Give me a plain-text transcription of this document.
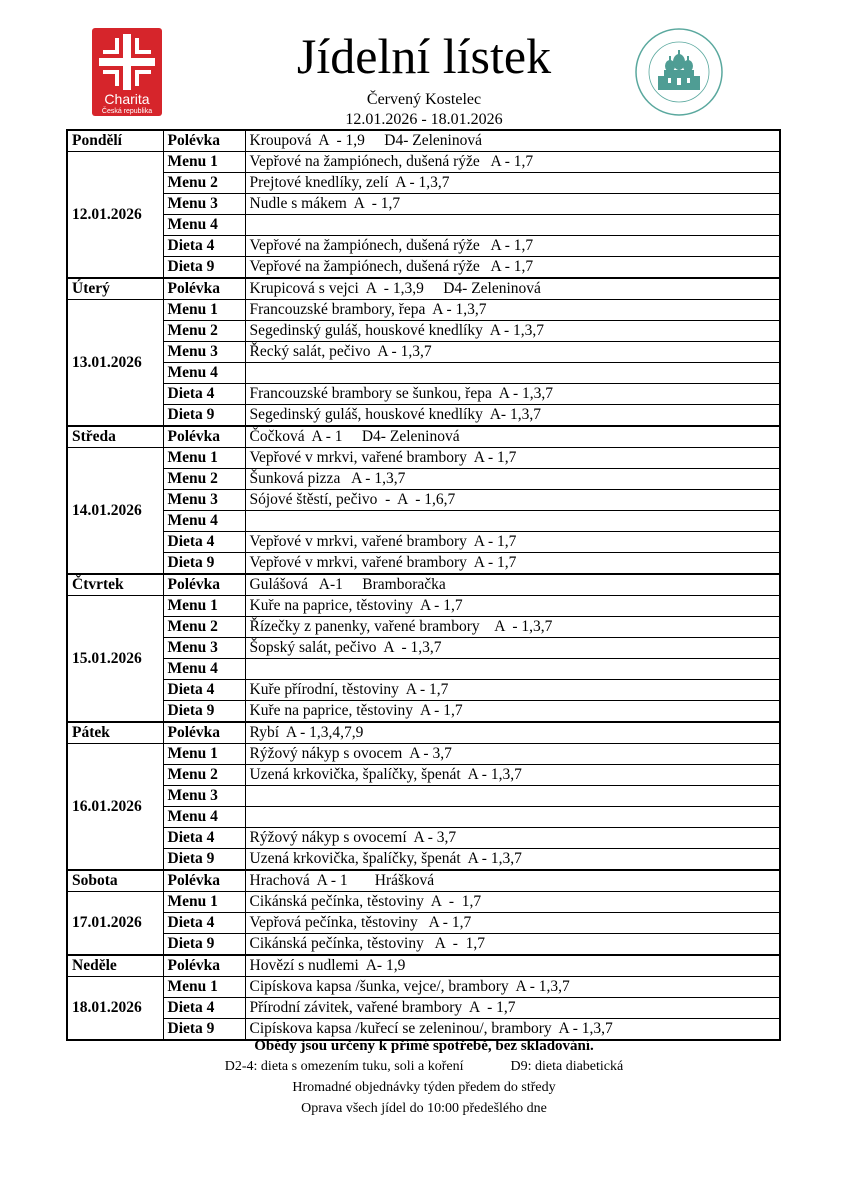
Charita
Česká republika
Jídelní lístek
Červený Kostelec
12.01.2026 - 18.01.2026
Pondělí	Polévka	Kroupová  A  - 1,9     D4- Zeleninová
12.01.2026	Menu 1	Vepřové na žampiónech, dušená rýže   A - 1,7
	Menu 2	Prejtové knedlíky, zelí  A - 1,3,7
	Menu 3	Nudle s mákem  A  - 1,7
	Menu 4	
	Dieta 4	Vepřové na žampiónech, dušená rýže   A - 1,7
	Dieta 9	Vepřové na žampiónech, dušená rýže   A - 1,7
Úterý	Polévka	Krupicová s vejci  A  - 1,3,9     D4- Zeleninová
13.01.2026	Menu 1	Francouzské brambory, řepa  A - 1,3,7
	Menu 2	Segedinský guláš, houskové knedlíky  A - 1,3,7
	Menu 3	Řecký salát, pečivo  A - 1,3,7
	Menu 4	
	Dieta 4	Francouzské brambory se šunkou, řepa  A - 1,3,7
	Dieta 9	Segedinský guláš, houskové knedlíky  A- 1,3,7
Středa	Polévka	Čočková  A - 1     D4- Zeleninová
14.01.2026	Menu 1	Vepřové v mrkvi, vařené brambory  A - 1,7
	Menu 2	Šunková pizza   A - 1,3,7
	Menu 3	Sójové štěstí, pečivo  -  A  - 1,6,7
	Menu 4	
	Dieta 4	Vepřové v mrkvi, vařené brambory  A - 1,7
	Dieta 9	Vepřové v mrkvi, vařené brambory  A - 1,7
Čtvrtek	Polévka	Gulášová   A-1     Bramboračka
15.01.2026	Menu 1	Kuře na paprice, těstoviny  A - 1,7
	Menu 2	Řízečky z panenky, vařené brambory    A  - 1,3,7
	Menu 3	Šopský salát, pečivo  A  - 1,3,7
	Menu 4	
	Dieta 4	Kuře přírodní, těstoviny  A - 1,7
	Dieta 9	Kuře na paprice, těstoviny  A - 1,7
Pátek	Polévka	Rybí  A - 1,3,4,7,9
16.01.2026	Menu 1	Rýžový nákyp s ovocem  A - 3,7
	Menu 2	Uzená krkovička, špalíčky, špenát  A - 1,3,7
	Menu 3	
	Menu 4	
	Dieta 4	Rýžový nákyp s ovocemí  A - 3,7
	Dieta 9	Uzená krkovička, špalíčky, špenát  A - 1,3,7
Sobota	Polévka	Hrachová  A - 1       Hrášková
17.01.2026	Menu 1	Cikánská pečínka, těstoviny  A  -  1,7
	Dieta 4	Vepřová pečínka, těstoviny   A - 1,7
	Dieta 9	Cikánská pečínka, těstoviny   A  -  1,7
Neděle	Polévka	Hovězí s nudlemi  A- 1,9
18.01.2026	Menu 1	Cipískova kapsa /šunka, vejce/, brambory  A - 1,3,7
	Dieta 4	Přírodní závitek, vařené brambory  A  - 1,7
	Dieta 9	Cipískova kapsa /kuřecí se zeleninou/, brambory  A - 1,3,7
Obědy jsou určeny k přímé spotřebě, bez skladování.
D2-4: dieta s omezením tuku, soli a koření	D9: dieta diabetická
Hromadné objednávky týden předem do středy
Oprava všech jídel do 10:00 předešlého dne
